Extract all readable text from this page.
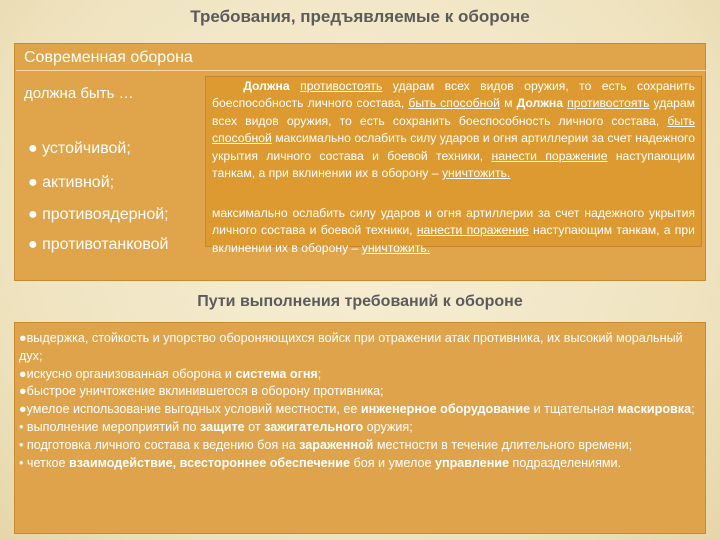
Требования, предъявляемые к обороне
Современная оборона
должна быть …
● устойчивой;
● активной;
● противоядерной;
● противотанковой
Должна противостоять ударам всех видов оружия, то есть сохранить боеспособность личного состава, быть способной м Должна противостоять ударам всех видов оружия, то есть сохранить боеспособность личного состава, быть способной максимально ослабить силу ударов и огня артиллерии за счет надежного укрытия личного состава и боевой техники, нанести поражение наступающим танкам, а при вклинении их в оборону – уничтожить.
максимально ослабить силу ударов и огня артиллерии за счет надежного укрытия личного состава и боевой техники, нанести поражение наступающим танкам, а при вклинении их в оборону – уничтожить.
Пути выполнения требований к обороне
●выдержка, стойкость и упорство обороняющихся войск при отражении атак противника, их высокий моральный дух;
●искусно организованная оборона и система огня;
●быстрое уничтожение вклинившегося в оборону противника;
●умелое использование выгодных условий местности, ее инженерное оборудование и тщательная маскировка;
• выполнение мероприятий по защите от зажигательного оружия;
• подготовка личного состава к ведению боя на зараженной местности в течение длительного времени;
• четкое взаимодействие, всестороннее обеспечение боя и умелое управление подразделениями.
